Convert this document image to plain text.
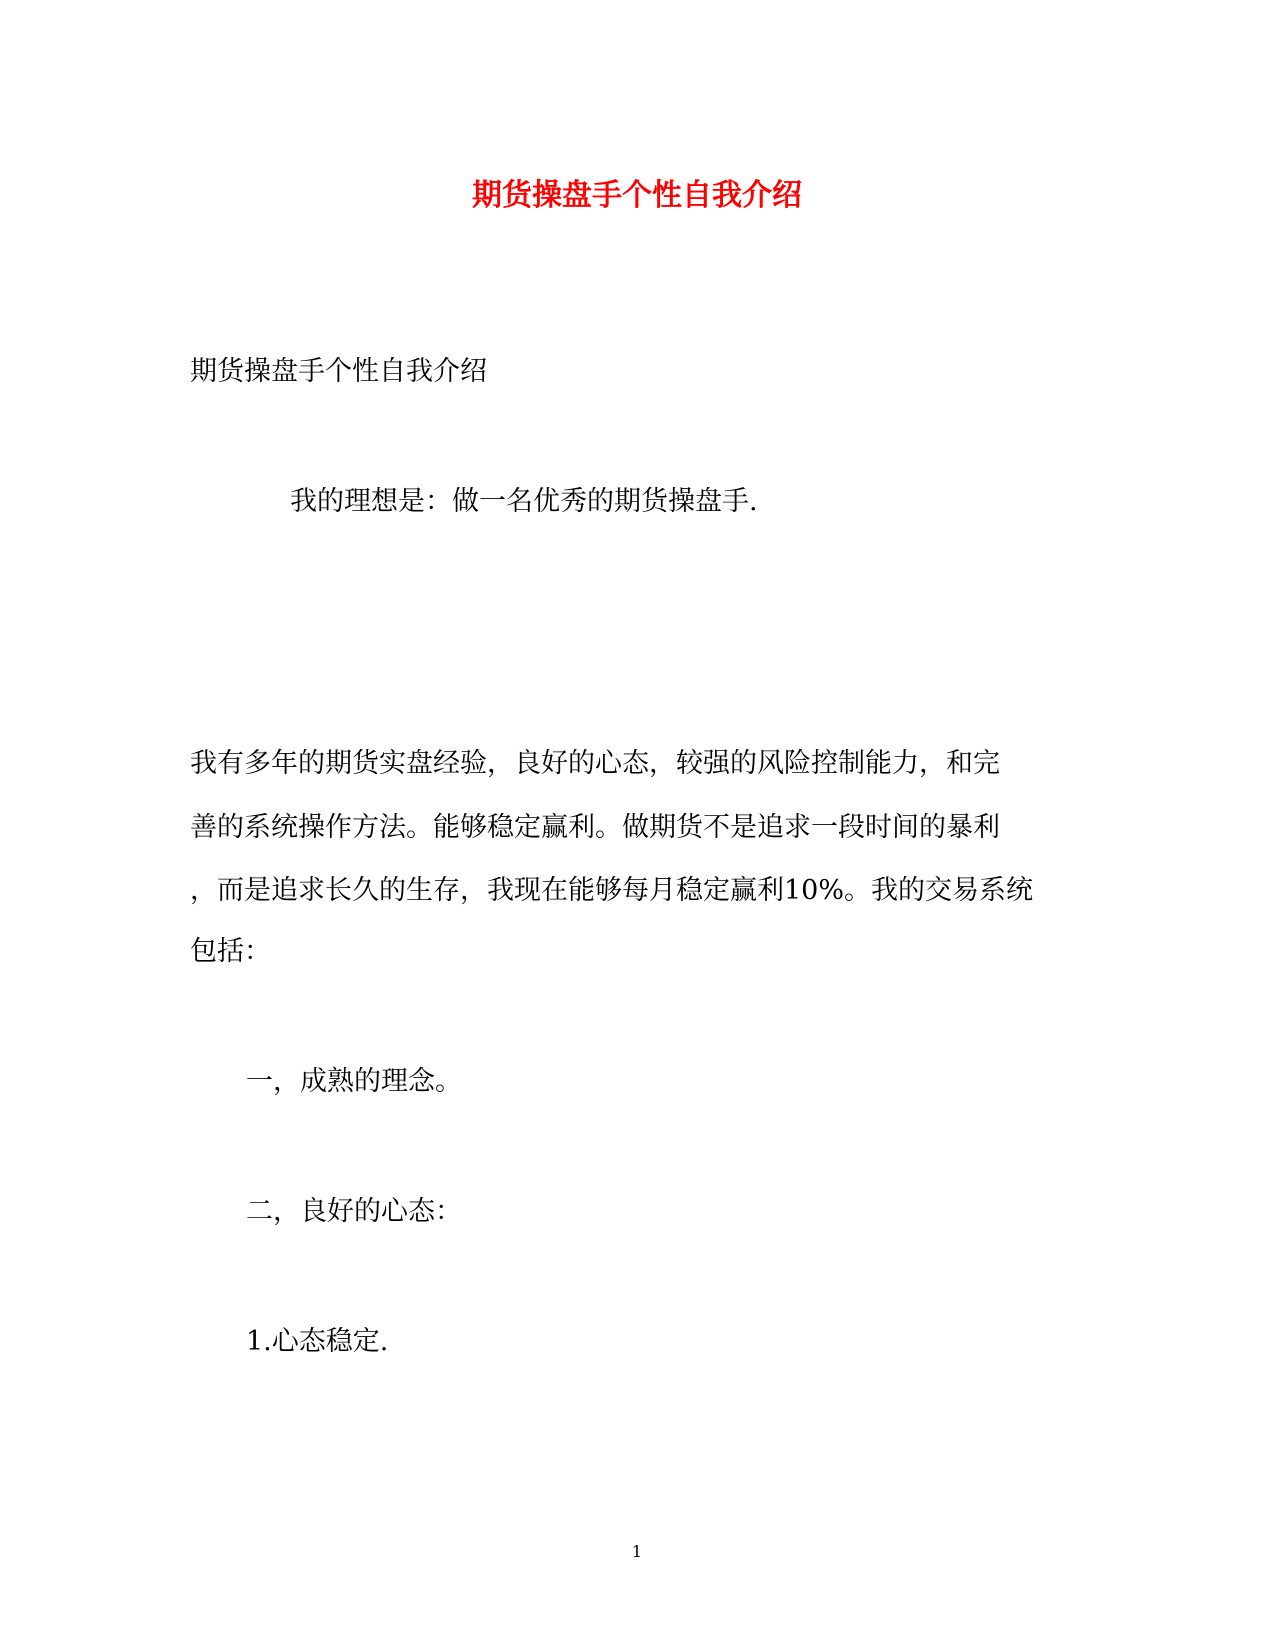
期货操盘手个性自我介绍
期货操盘手个性自我介绍
我的理想是：做一名优秀的期货操盘手.
我有多年的期货实盘经验，良好的心态，较强的风险控制能力，和完
善的系统操作方法。能够稳定赢利。做期货不是追求一段时间的暴利
，而是追求长久的生存，我现在能够每月稳定赢利10%。我的交易系统
包括：
一，成熟的理念。
二，良好的心态：
1.心态稳定.
1
